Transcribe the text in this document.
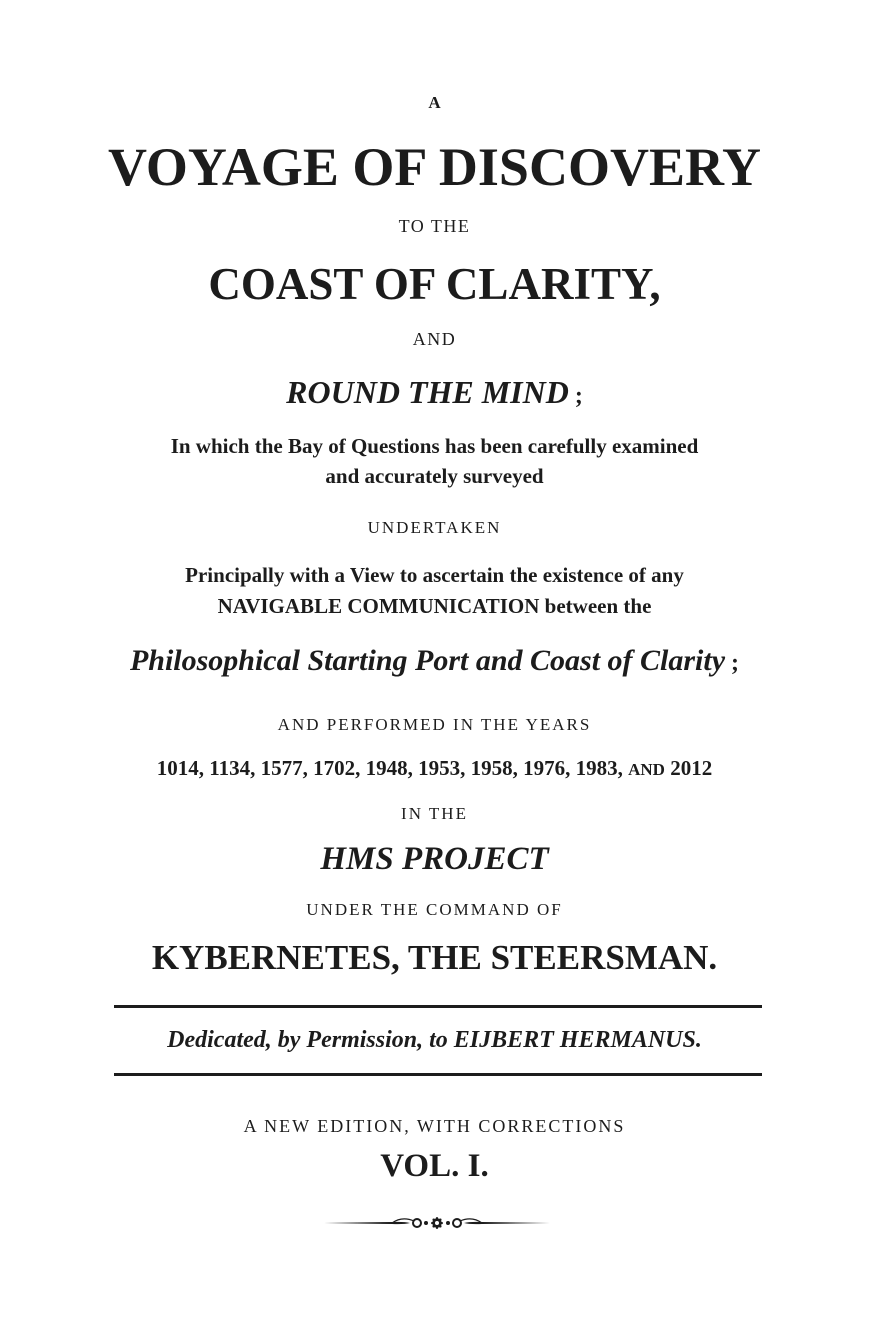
A
VOYAGE OF DISCOVERY
TO THE
COAST OF CLARITY,
AND
ROUND THE MIND ;
In which the Bay of Questions has been carefully examined
and accurately surveyed
UNDERTAKEN
Principally with a View to ascertain the existence of any
NAVIGABLE COMMUNICATION between the
Philosophical Starting Port and Coast of Clarity ;
AND PERFORMED IN THE YEARS
1014, 1134, 1577, 1702, 1948, 1953, 1958, 1976, 1983, AND 2012
IN THE
HMS PROJECT
UNDER THE COMMAND OF
KYBERNETES, THE STEERSMAN.
Dedicated, by Permission, to EIJBERT HERMANUS.
A NEW EDITION, WITH CORRECTIONS
VOL. I.
